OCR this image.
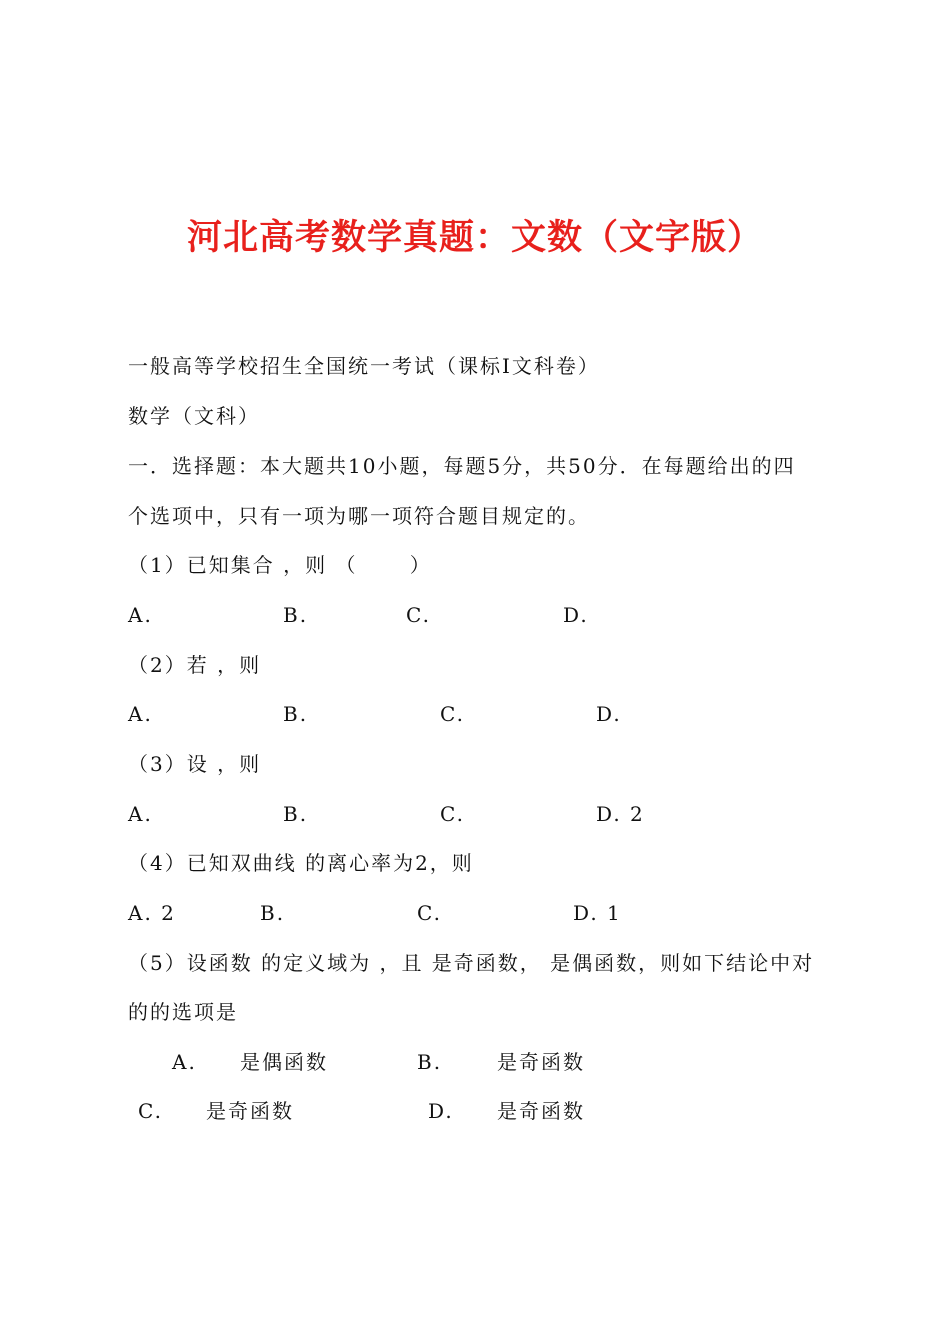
河北高考数学真题：文数（文字版）
一般高等学校招生全国统一考试（课标Ⅰ文科卷）
数学（文科）
一．选择题：本大题共10小题，每题5分，共50分．在每题给出的四
个选项中，只有一项为哪一项符合题目规定的。
（1）已知集合 ，则 （　　 ）
A.	B.	C.	D.
（2）若 ，则
A.	B.	C.	D.
（3）设 ，则
A.	B.	C.	D. 2
（4）已知双曲线 的离心率为2，则
A. 2	B.	C.	D. 1
（5）设函数 的定义域为 ，且 是奇函数， 是偶函数，则如下结论中对
的的选项是
A. 是偶函数	B.	是奇函数
C. 是奇函数	D. 是奇函数
